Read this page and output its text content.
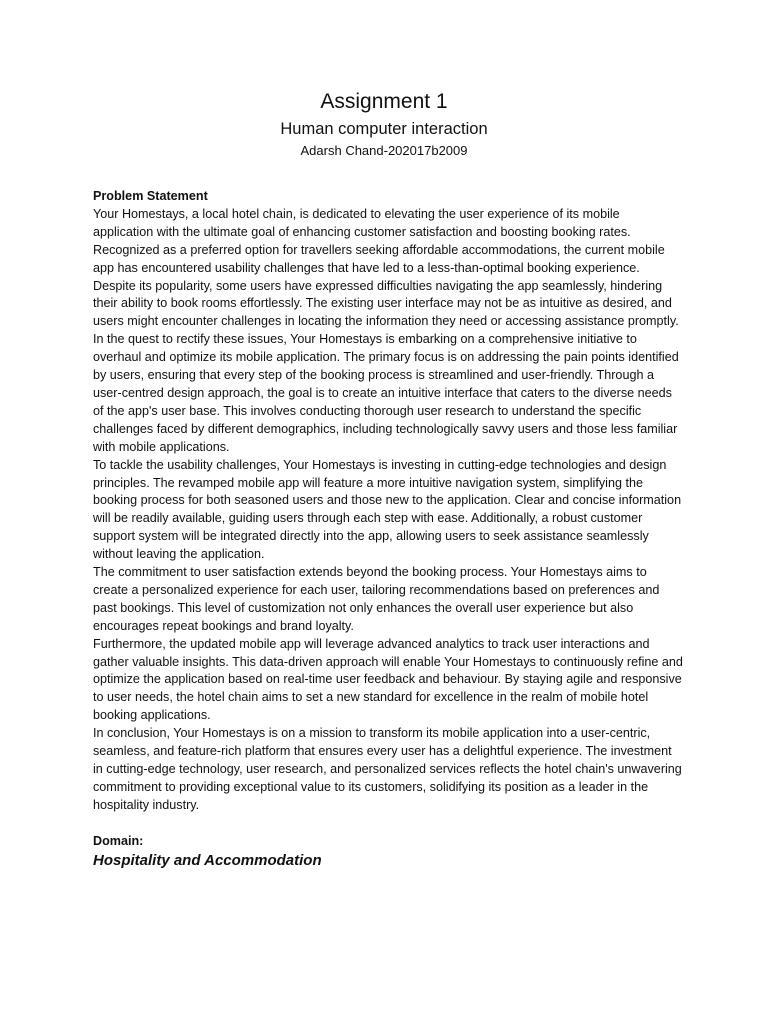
Assignment 1
Human computer interaction

Adarsh Chand-202017b2009

Problem Statement

Your Homestays, a local hotel chain, is dedicated to elevating the user experience of its mobile application with the ultimate goal of enhancing customer satisfaction and boosting booking rates. Recognized as a preferred option for travellers seeking affordable accommodations, the current mobile app has encountered usability challenges that have led to a less-than-optimal booking experience. Despite its popularity, some users have expressed difficulties navigating the app seamlessly, hindering their ability to book rooms effortlessly. The existing user interface may not be as intuitive as desired, and users might encounter challenges in locating the information they need or accessing assistance promptly.

In the quest to rectify these issues, Your Homestays is embarking on a comprehensive initiative to overhaul and optimize its mobile application. The primary focus is on addressing the pain points identified by users, ensuring that every step of the booking process is streamlined and user-friendly. Through a user-centred design approach, the goal is to create an intuitive interface that caters to the diverse needs of the app's user base. This involves conducting thorough user research to understand the specific challenges faced by different demographics, including technologically savvy users and those less familiar with mobile applications.

To tackle the usability challenges, Your Homestays is investing in cutting-edge technologies and design principles. The revamped mobile app will feature a more intuitive navigation system, simplifying the booking process for both seasoned users and those new to the application. Clear and concise information will be readily available, guiding users through each step with ease. Additionally, a robust customer support system will be integrated directly into the app, allowing users to seek assistance seamlessly without leaving the application.

The commitment to user satisfaction extends beyond the booking process. Your Homestays aims to create a personalized experience for each user, tailoring recommendations based on preferences and past bookings. This level of customization not only enhances the overall user experience but also encourages repeat bookings and brand loyalty.

Furthermore, the updated mobile app will leverage advanced analytics to track user interactions and gather valuable insights. This data-driven approach will enable Your Homestays to continuously refine and optimize the application based on real-time user feedback and behaviour. By staying agile and responsive to user needs, the hotel chain aims to set a new standard for excellence in the realm of mobile hotel booking applications.

In conclusion, Your Homestays is on a mission to transform its mobile application into a user-centric, seamless, and feature-rich platform that ensures every user has a delightful experience. The investment in cutting-edge technology, user research, and personalized services reflects the hotel chain's unwavering commitment to providing exceptional value to its customers, solidifying its position as a leader in the hospitality industry.

Domain:

Hospitality and Accommodation
